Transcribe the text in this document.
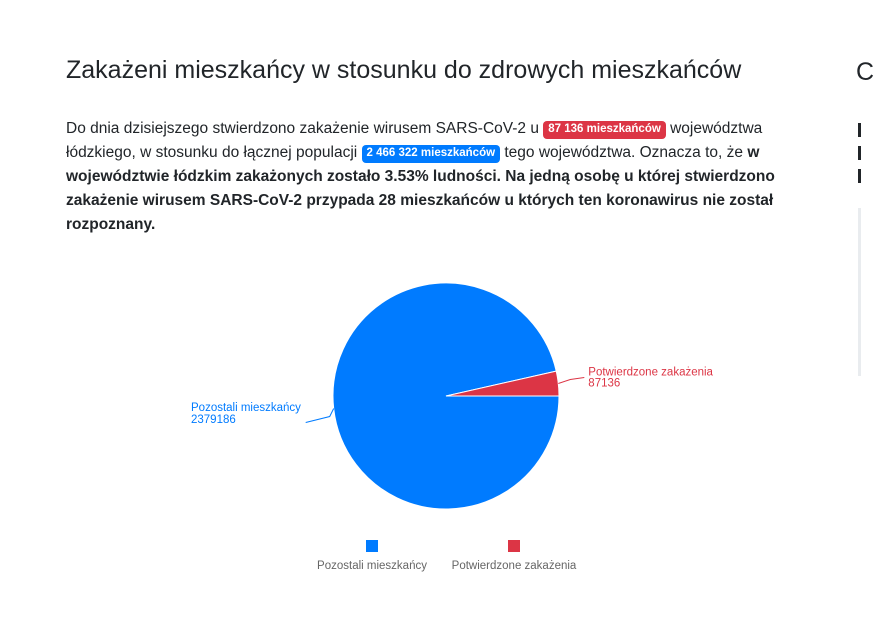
Zakażeni mieszkańcy w stosunku do zdrowych mieszkańców

Do dnia dzisiejszego stwierdzono zakażenie wirusem SARS-CoV-2 u 87 136 mieszkańców województwa łódzkiego, w stosunku do łącznej populacji 2 466 322 mieszkańców tego województwa. Oznacza to, że w województwie łódzkim zakażonych zostało 3.53% ludności. Na jedną osobę u której stwierdzono zakażenie wirusem SARS-CoV-2 przypada 28 mieszkańców u których ten koronawirus nie został rozpoznany.

Potwierdzone zakażenia
87136
Pozostali mieszkańcy
2379186
Pozostali mieszkańcy Potwierdzone zakażenia
C
